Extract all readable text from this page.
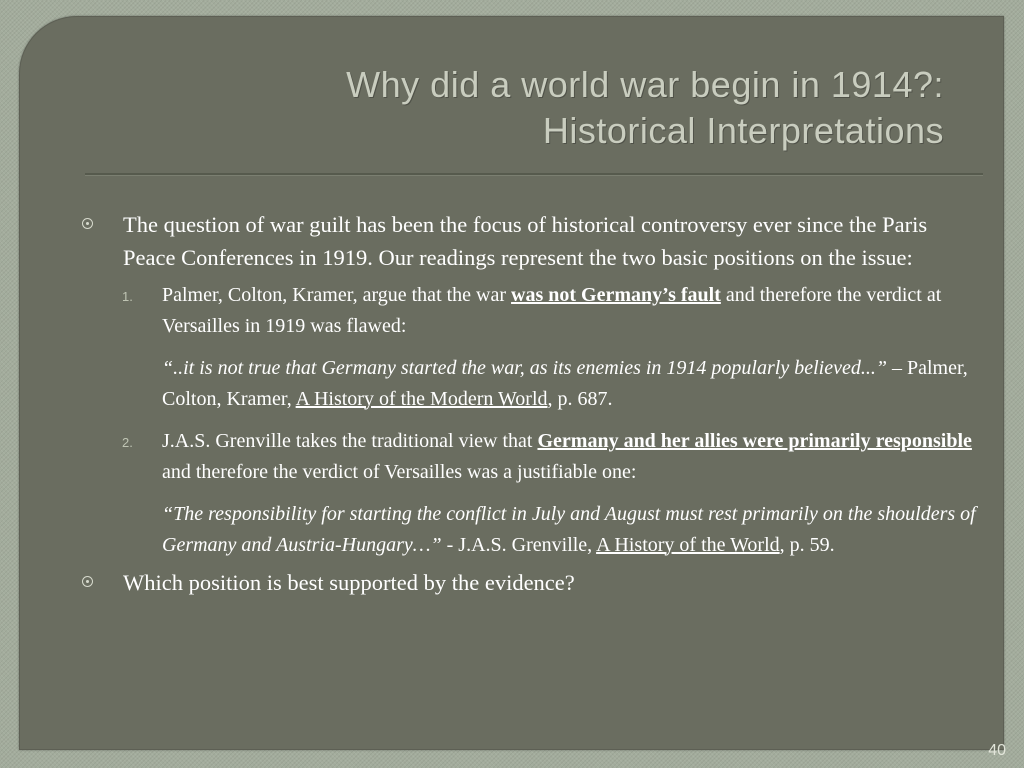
Why did a world war begin in 1914?:
Historical Interpretations
The question of war guilt has been the focus of historical controversy ever since the Paris Peace Conferences in 1919. Our readings represent the two basic positions on the issue:
1. Palmer, Colton, Kramer, argue that the war was not Germany’s fault and therefore the verdict at Versailles in 1919 was flawed:
“..it is not true that Germany started the war, as its enemies in 1914 popularly believed...” – Palmer, Colton, Kramer, A History of the Modern World, p. 687.
2. J.A.S. Grenville takes the traditional view that Germany and her allies were primarily responsible and therefore the verdict of Versailles was a justifiable one:
“The responsibility for starting the conflict in July and August must rest primarily on the shoulders of Germany and Austria-Hungary…” - J.A.S. Grenville, A History of the World, p. 59.
Which position is best supported by the evidence?
40
